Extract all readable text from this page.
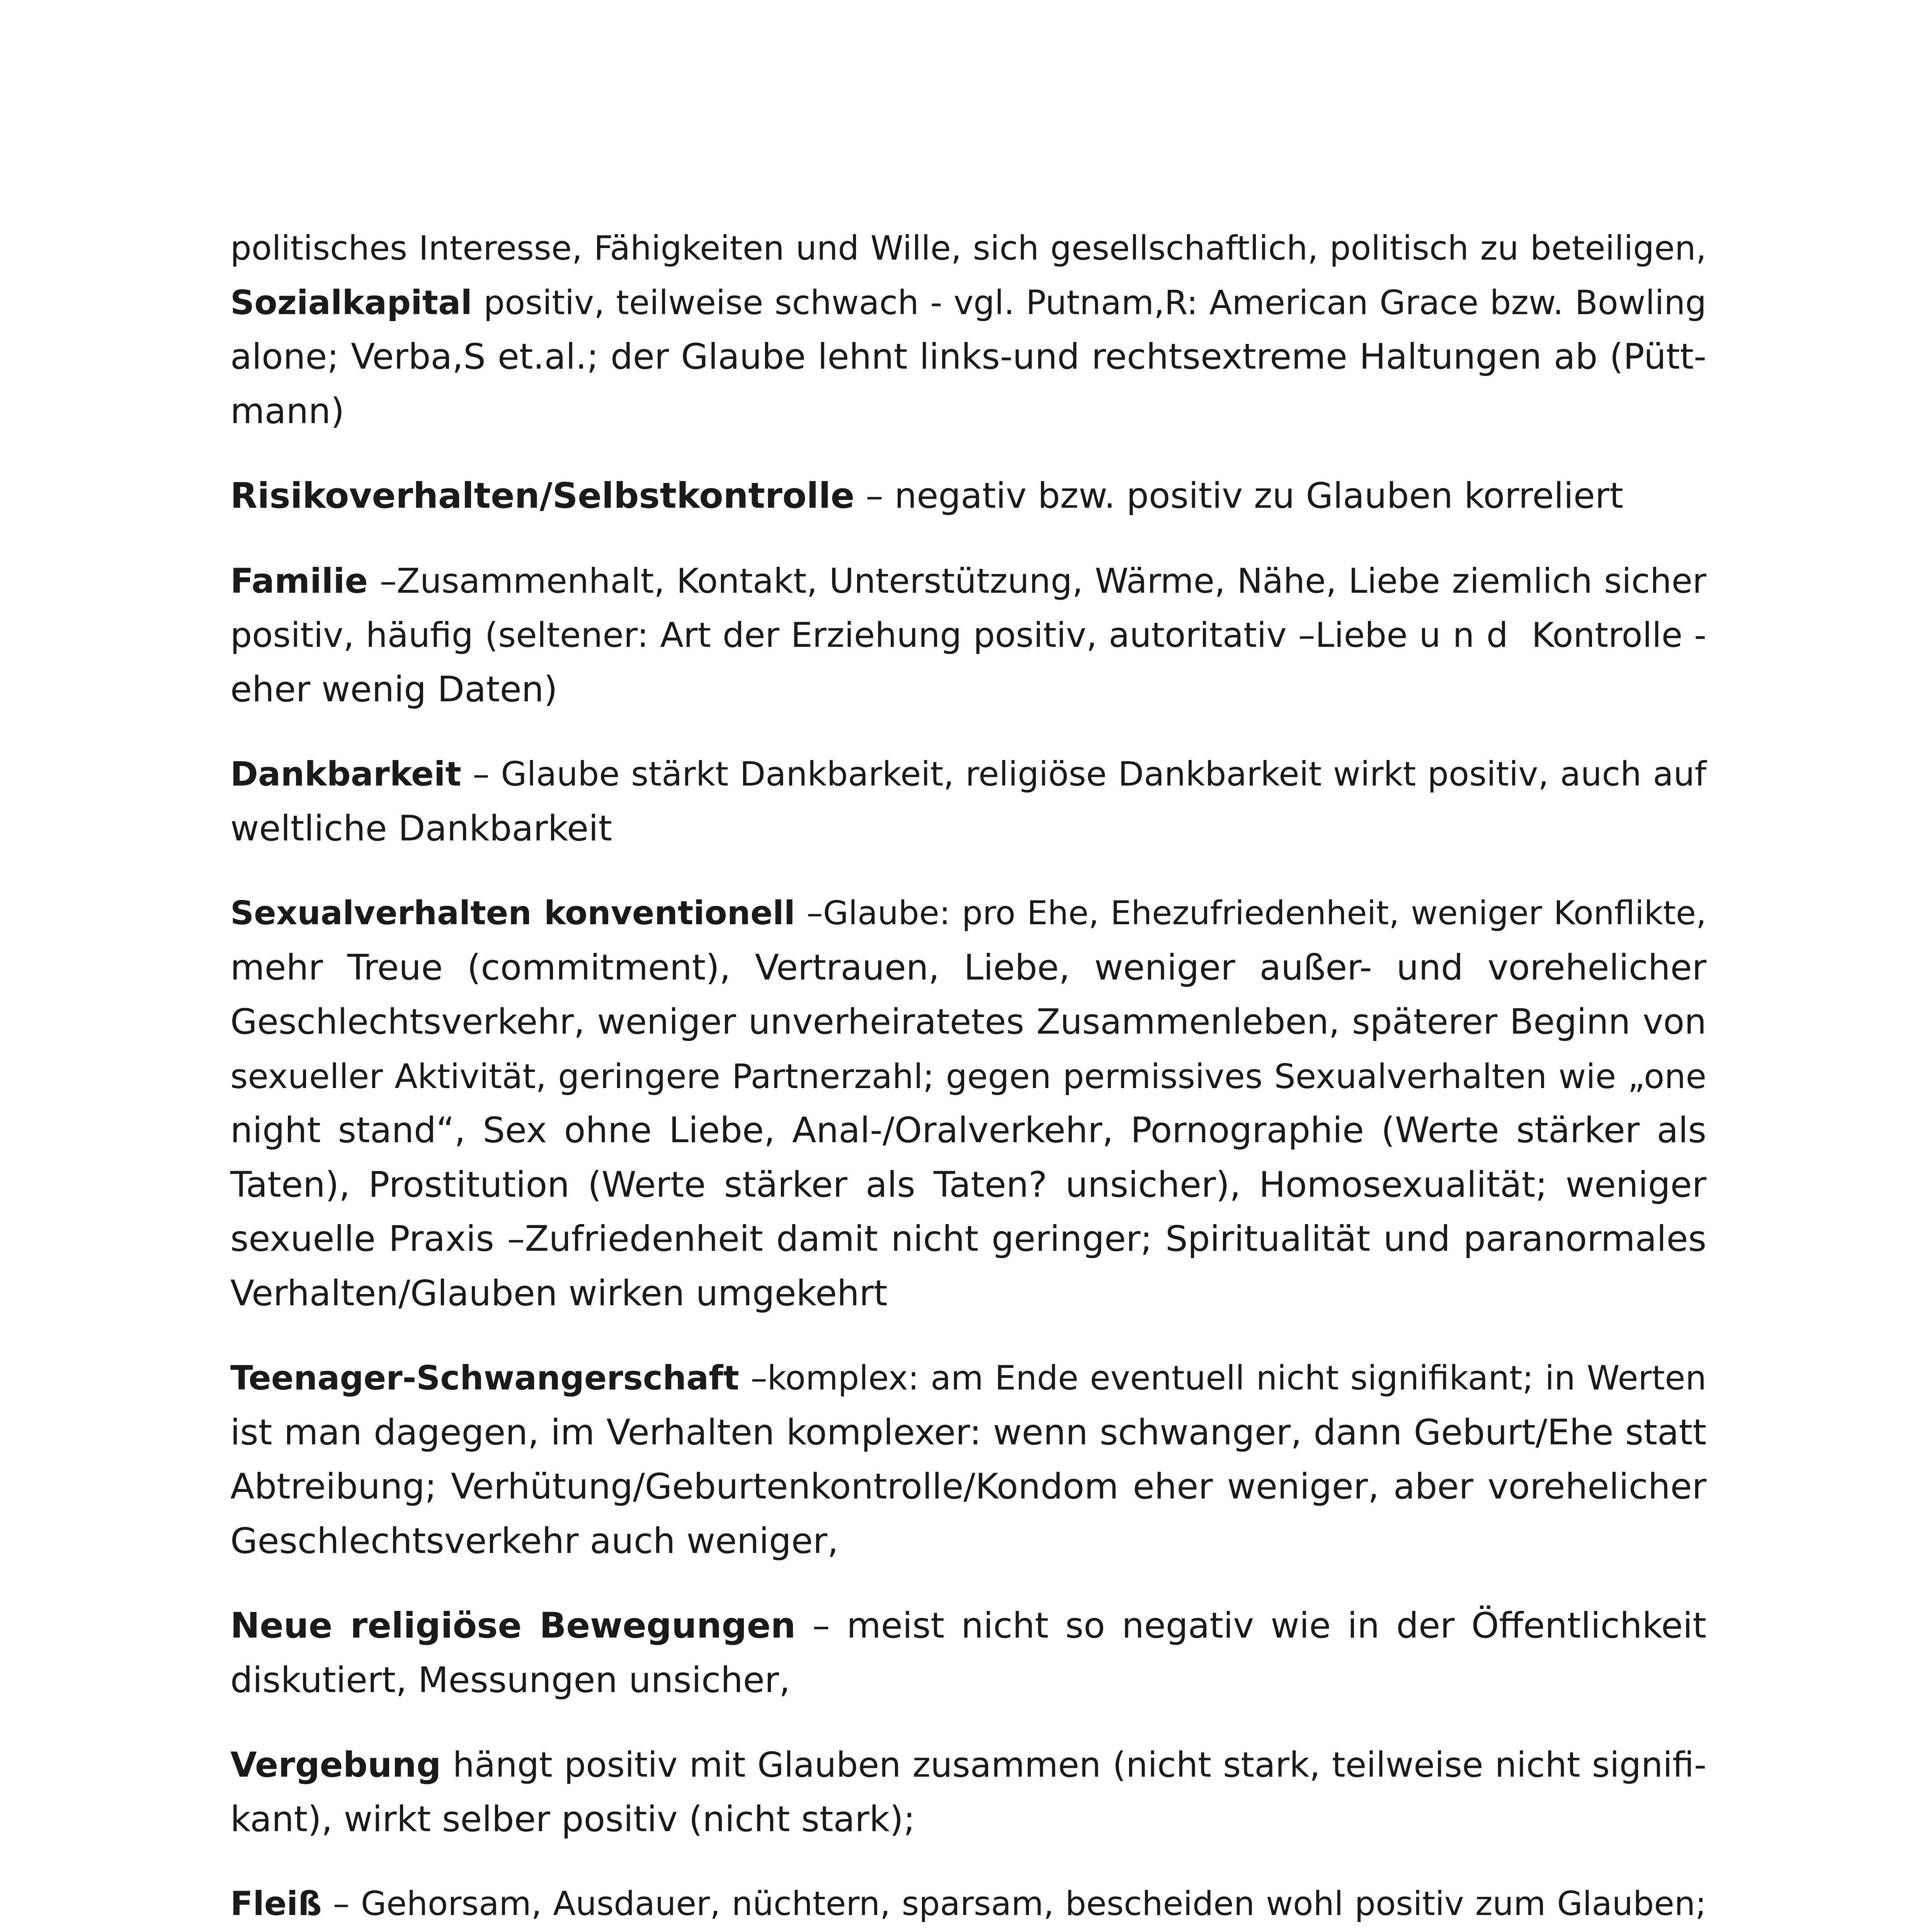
politisches Interesse, Fähigkeiten und Wille, sich gesellschaftlich, politisch zu beteiligen,
Sozialkapital positiv, teilweise schwach - vgl. Putnam,R: American Grace bzw. Bowling
alone; Verba,S et.al.; der Glaube lehnt links-und rechtsextreme Haltungen ab (Pütt-
mann)

Risikoverhalten/Selbstkontrolle – negativ bzw. positiv zu Glauben korreliert

Familie –Zusammenhalt, Kontakt, Unterstützung, Wärme, Nähe, Liebe ziemlich sicher
positiv, häufig (seltener: Art der Erziehung positiv, autoritativ –Liebe und Kontrolle -
eher wenig Daten)

Dankbarkeit – Glaube stärkt Dankbarkeit, religiöse Dankbarkeit wirkt positiv, auch auf
weltliche Dankbarkeit

Sexualverhalten konventionell –Glaube: pro Ehe, Ehezufriedenheit, weniger Konflikte,
mehr Treue (commitment), Vertrauen, Liebe, weniger außer- und vorehelicher
Geschlechtsverkehr, weniger unverheiratetes Zusammenleben, späterer Beginn von
sexueller Aktivität, geringere Partnerzahl; gegen permissives Sexualverhalten wie „one
night stand“, Sex ohne Liebe, Anal-/Oralverkehr, Pornographie (Werte stärker als
Taten), Prostitution (Werte stärker als Taten? unsicher), Homosexualität; weniger
sexuelle Praxis –Zufriedenheit damit nicht geringer; Spiritualität und paranormales
Verhalten/Glauben wirken umgekehrt

Teenager-Schwangerschaft –komplex: am Ende eventuell nicht signifikant; in Werten
ist man dagegen, im Verhalten komplexer: wenn schwanger, dann Geburt/Ehe statt
Abtreibung; Verhütung/Geburtenkontrolle/Kondom eher weniger, aber vorehelicher
Geschlechtsverkehr auch weniger,

Neue religiöse Bewegungen – meist nicht so negativ wie in der Öffentlichkeit
diskutiert, Messungen unsicher,

Vergebung hängt positiv mit Glauben zusammen (nicht stark, teilweise nicht signifi-
kant), wirkt selber positiv (nicht stark);

Fleiß – Gehorsam, Ausdauer, nüchtern, sparsam, bescheiden wohl positiv zum Glauben;
